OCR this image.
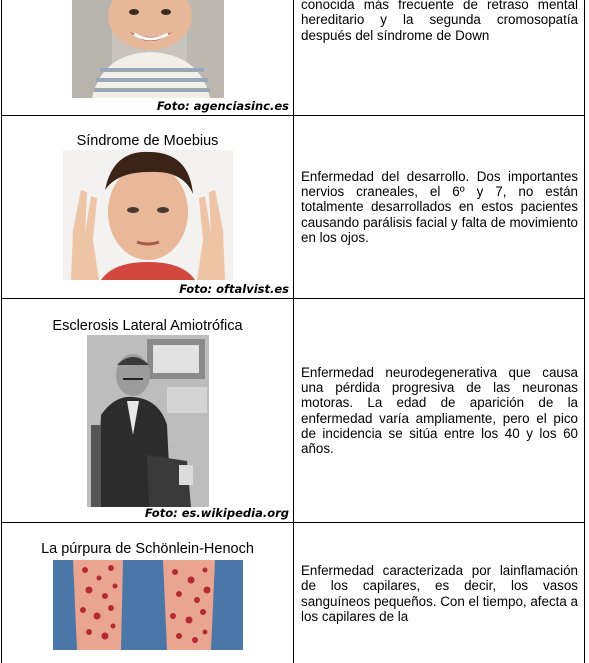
Foto: agenciasinc.es
conocida más frecuente de retraso mental hereditario y la segunda cromosopatía después del síndrome de Down
Síndrome de Moebius
Foto: oftalvist.es
Enfermedad del desarrollo. Dos importantes nervios craneales, el 6º y 7, no están totalmente desarrollados en estos pacientes causando parálisis facial y falta de movimiento en los ojos.
Esclerosis Lateral Amiotrófica
Foto: es.wikipedia.org
Enfermedad neurodegenerativa que causa una pérdida progresiva de las neuronas motoras. La edad de aparición de la enfermedad varía ampliamente, pero el pico de incidencia se sitúa entre los 40 y los 60 años.
La púrpura de Schönlein-Henoch
Enfermedad caracterizada por lainflamación de los capilares, es decir, los vasos sanguíneos pequeños. Con el tiempo, afecta a los capilares de la
